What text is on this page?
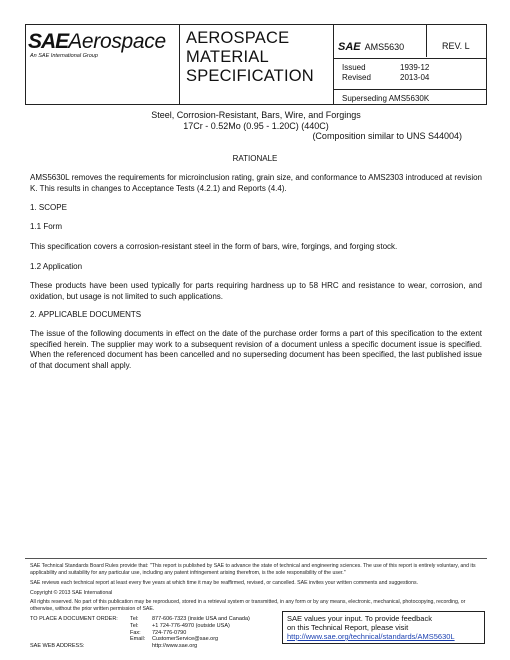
SAEAerospace
An SAE International Group
AEROSPACE
MATERIAL
SPECIFICATION
SAE AMS5630	REV. L
Issued	1939-12
Revised	2013-04
Superseding AMS5630K
Steel, Corrosion-Resistant, Bars, Wire, and Forgings
17Cr - 0.52Mo (0.95 - 1.20C) (440C)
(Composition similar to UNS S44004)
RATIONALE
AMS5630L removes the requirements for microinclusion rating, grain size, and conformance to AMS2303 introduced at revision K. This results in changes to Acceptance Tests (4.2.1) and Reports (4.4).
1. SCOPE
1.1 Form
This specification covers a corrosion-resistant steel in the form of bars, wire, forgings, and forging stock.
1.2 Application
These products have been used typically for parts requiring hardness up to 58 HRC and resistance to wear, corrosion, and oxidation, but usage is not limited to such applications.
2. APPLICABLE DOCUMENTS
The issue of the following documents in effect on the date of the purchase order forms a part of this specification to the extent specified herein. The supplier may work to a subsequent revision of a document unless a specific document issue is specified. When the referenced document has been cancelled and no superseding document has been specified, the last published issue of that document shall apply.
SAE Technical Standards Board Rules provide that: "This report is published by SAE to advance the state of technical and engineering sciences. The use of this report is entirely voluntary, and its applicability and suitability for any particular use, including any patent infringement arising therefrom, is the sole responsibility of the user."
SAE reviews each technical report at least every five years at which time it may be reaffirmed, revised, or cancelled. SAE invites your written comments and suggestions.
Copyright © 2013 SAE International
All rights reserved. No part of this publication may be reproduced, stored in a retrieval system or transmitted, in any form or by any means, electronic, mechanical, photocopying, recording, or otherwise, without the prior written permission of SAE.
TO PLACE A DOCUMENT ORDER:	Tel:	877-606-7323 (inside USA and Canada)
	Tel:	+1 724-776-4970 (outside USA)
	Fax:	724-776-0790
	Email:	CustomerService@sae.org
SAE WEB ADDRESS:		http://www.sae.org
SAE values your input. To provide feedback
on this Technical Report, please visit
http://www.sae.org/technical/standards/AMS5630L
